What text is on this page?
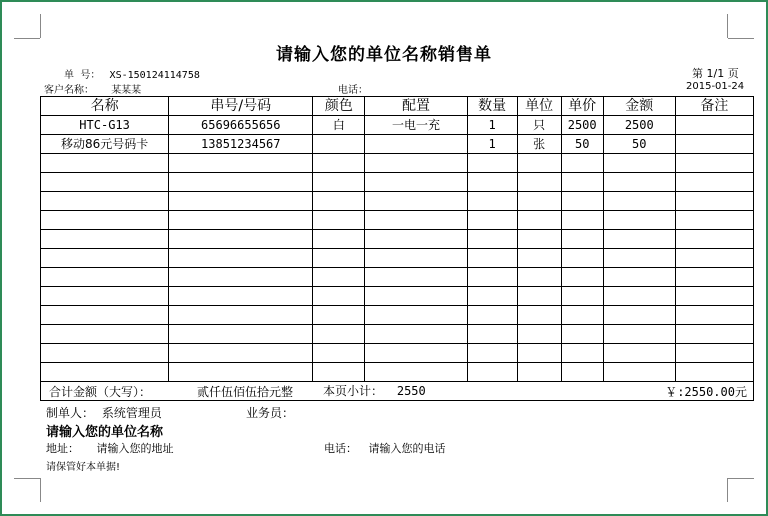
请输入您的单位名称销售单
单  号： XS-150124114758	第 1/1 页
客户名称： 某某某	电话：	2015-01-24
名称	串号/号码	颜色	配置	数量	单位	单价	金额	备注
HTC-G13	65696655656	白	一电一充	1	只	2500	2500	
移动86元号码卡	13851234567			1	张	50	50	

本页小计： 2550								
合计金额（大写）：	贰仟伍佰伍拾元整	￥:2550.00元
制单人： 系统管理员	业务员：
请输入您的单位名称
地址： 请输入您的地址	电话： 请输入您的电话
请保管好本单据!
